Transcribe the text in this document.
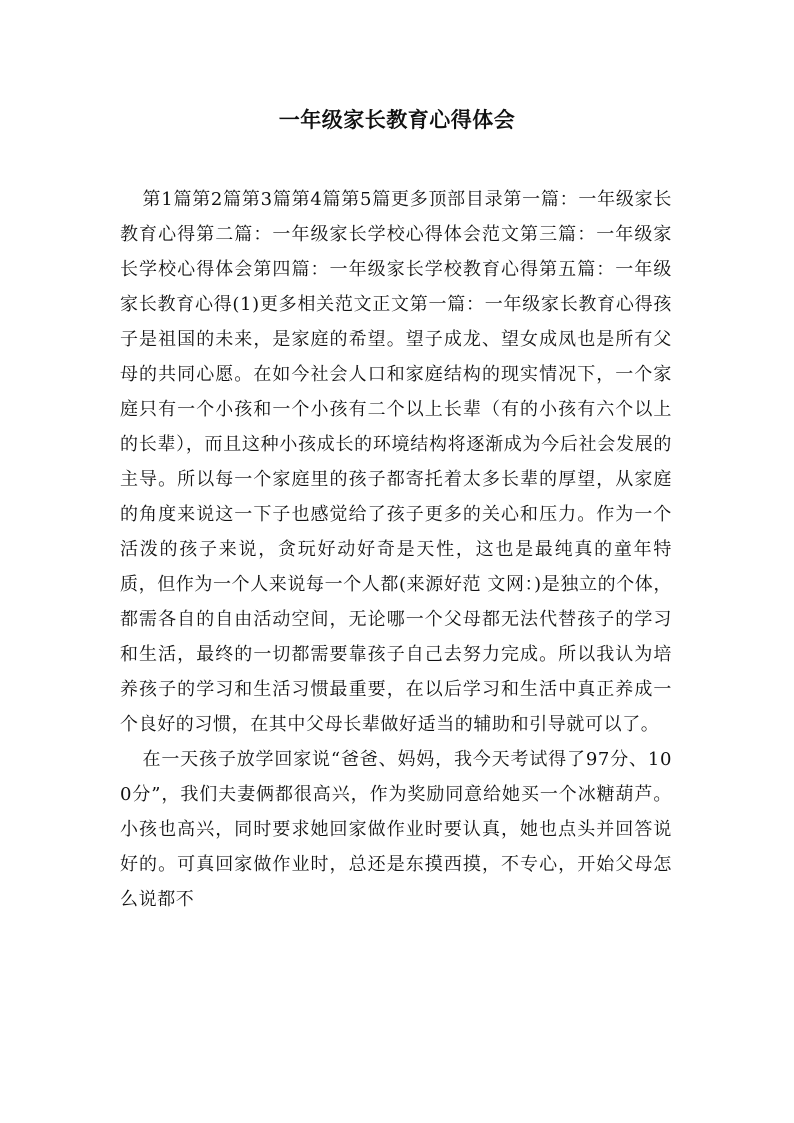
一年级家长教育心得体会

第1篇第2篇第3篇第4篇第5篇更多顶部目录第一篇：一年级家长教育心得第二篇：一年级家长学校心得体会范文第三篇：一年级家长学校心得体会第四篇：一年级家长学校教育心得第五篇：一年级家长教育心得(1)更多相关范文正文第一篇：一年级家长教育心得孩子是祖国的未来，是家庭的希望。望子成龙、望女成凤也是所有父母的共同心愿。在如今社会人口和家庭结构的现实情况下，一个家庭只有一个小孩和一个小孩有二个以上长辈（有的小孩有六个以上的长辈），而且这种小孩成长的环境结构将逐渐成为今后社会发展的主导。所以每一个家庭里的孩子都寄托着太多长辈的厚望，从家庭的角度来说这一下子也感觉给了孩子更多的关心和压力。作为一个活泼的孩子来说，贪玩好动好奇是天性，这也是最纯真的童年特质，但作为一个人来说每一个人都(来源好范 文网：)是独立的个体，都需各自的自由活动空间，无论哪一个父母都无法代替孩子的学习和生活，最终的一切都需要靠孩子自己去努力完成。所以我认为培养孩子的学习和生活习惯最重要，在以后学习和生活中真正养成一个良好的习惯，在其中父母长辈做好适当的辅助和引导就可以了。

在一天孩子放学回家说“爸爸、妈妈，我今天考试得了97分、100分”，我们夫妻俩都很高兴，作为奖励同意给她买一个冰糖葫芦。小孩也高兴，同时要求她回家做作业时要认真，她也点头并回答说好的。可真回家做作业时，总还是东摸西摸，不专心，开始父母怎么说都不
